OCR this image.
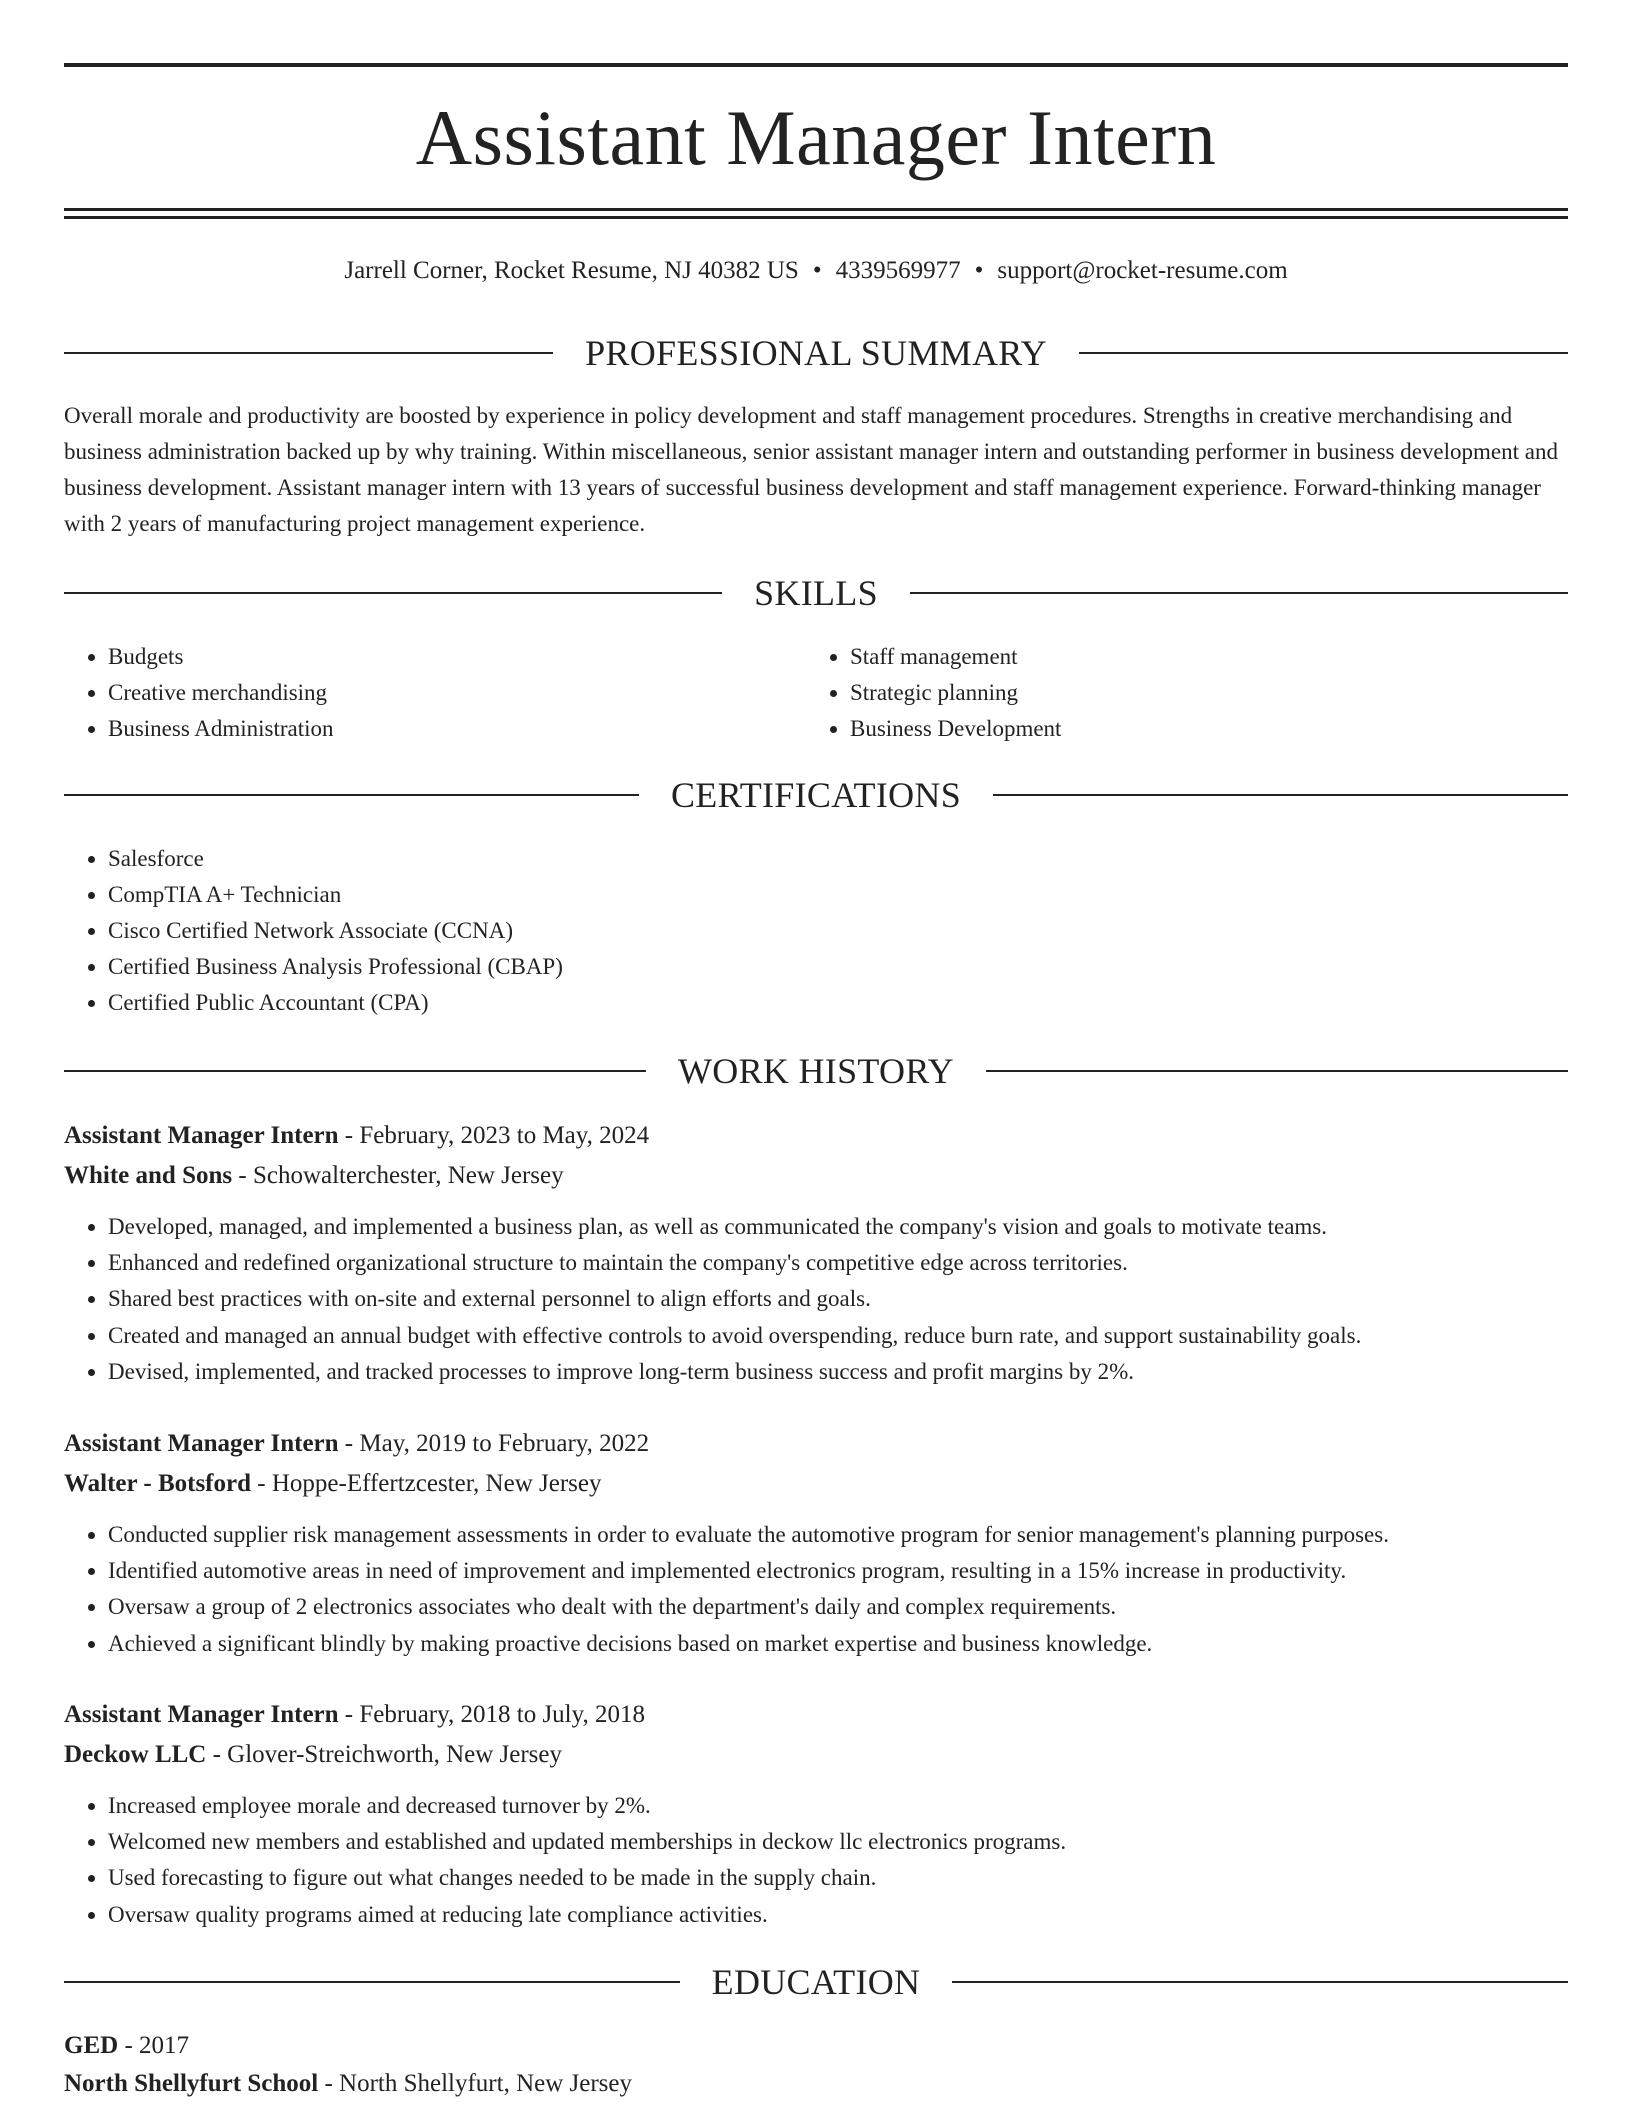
Assistant Manager Intern
Jarrell Corner, Rocket Resume, NJ 40382 US • 4339569977 • support@rocket-resume.com
PROFESSIONAL SUMMARY
Overall morale and productivity are boosted by experience in policy development and staff management procedures. Strengths in creative merchandising and business administration backed up by why training. Within miscellaneous, senior assistant manager intern and outstanding performer in business development and business development. Assistant manager intern with 13 years of successful business development and staff management experience. Forward-thinking manager with 2 years of manufacturing project management experience.
SKILLS
• Budgets
• Creative merchandising
• Business Administration
• Staff management
• Strategic planning
• Business Development
CERTIFICATIONS
• Salesforce
• CompTIA A+ Technician
• Cisco Certified Network Associate (CCNA)
• Certified Business Analysis Professional (CBAP)
• Certified Public Accountant (CPA)
WORK HISTORY
Assistant Manager Intern - February, 2023 to May, 2024
White and Sons - Schowalterchester, New Jersey
• Developed, managed, and implemented a business plan, as well as communicated the company's vision and goals to motivate teams.
• Enhanced and redefined organizational structure to maintain the company's competitive edge across territories.
• Shared best practices with on-site and external personnel to align efforts and goals.
• Created and managed an annual budget with effective controls to avoid overspending, reduce burn rate, and support sustainability goals.
• Devised, implemented, and tracked processes to improve long-term business success and profit margins by 2%.
Assistant Manager Intern - May, 2019 to February, 2022
Walter - Botsford - Hoppe-Effertzcester, New Jersey
• Conducted supplier risk management assessments in order to evaluate the automotive program for senior management's planning purposes.
• Identified automotive areas in need of improvement and implemented electronics program, resulting in a 15% increase in productivity.
• Oversaw a group of 2 electronics associates who dealt with the department's daily and complex requirements.
• Achieved a significant blindly by making proactive decisions based on market expertise and business knowledge.
Assistant Manager Intern - February, 2018 to July, 2018
Deckow LLC - Glover-Streichworth, New Jersey
• Increased employee morale and decreased turnover by 2%.
• Welcomed new members and established and updated memberships in deckow llc electronics programs.
• Used forecasting to figure out what changes needed to be made in the supply chain.
• Oversaw quality programs aimed at reducing late compliance activities.
EDUCATION
GED - 2017
North Shellyfurt School - North Shellyfurt, New Jersey
